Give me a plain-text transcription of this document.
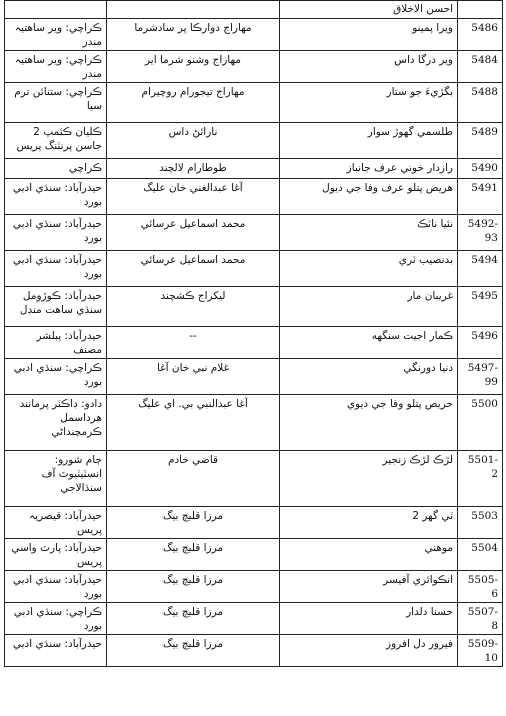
	احسن الاخلاق		
5486	ويرا پمينو	مهاراج دوارڪا پر سادشرما	ڪراچي: وير ساهتيہ مندر
5484	وير درگا داس	مهاراج وشنو شرما اير	ڪراچي: وير ساهتيہ مندر
5488	بگڙيءَ جو ستار	مهاراج تيجورام روچيرام	ڪراچي: ستنائن ترم سيا
5489	طلسمي گهوڙ سوار	نارائڻ داس	ڪليان ڪئمپ 2 جاسن پرنٽنگ پريس
5490	رازدار خوني عرف جانباز	طوطارام لالچند	ڪراچي
5491	هريض پتلو عرف وفا جي ديول	آغا عبدالغني خان عليگ	حيدرآباد: سنڌي ادبي بورڊ
5492-93	نئيا ناٽڪ	محمد اسماعيل عرسائي	حيدرآباد: سنڌي ادبي بورڊ
5494	بدنصيب ٽري	محمد اسماعيل عرسائي	حيدرآباد: سنڌي ادبي بورڊ
5495	غريبان مار	ليکراج ڪشچند	حيدرآباد: ڪوڙومل سنڌي ساهت منڊل
5496	ڪمار اجيت سنگهه	--	حيدرآباد: پبلشر مصنف
5497-99	دنيا دورنگي	غلام نبي خان آغا	ڪراچي: سنڌي ادبي بورڊ
5500	حريص پتلو وفا جي ديوي	آغا عبدالنبي بي. اي عليگ	دادو: ڊاڪٽر پرمانند هرداسمل ڪرمچنداڻي
5501-2	لڙڪ لڙڪ زنجير	قاضي خادم	ڄام شورو: انسٽيٽيوٽ آف سنڌالاجي
5503	ٽي گهر 2	مرزا قليچ بيگ	حيدرآباد: قيصريہ پريس
5504	موهني	مرزا قليچ بيگ	حيدرآباد: پارٽ واسي پريس
5505-6	انڪوائري آفيسر	مرزا قليچ بيگ	حيدرآباد: سنڌي ادبي بورڊ
5507-8	حسنا دلدار	مرزا قليچ بيگ	ڪراچي: سنڌي ادبي بورڊ
5509-10	فيرور دل افروز	مرزا قليچ بيگ	حيدرآباد: سنڌي ادبي
